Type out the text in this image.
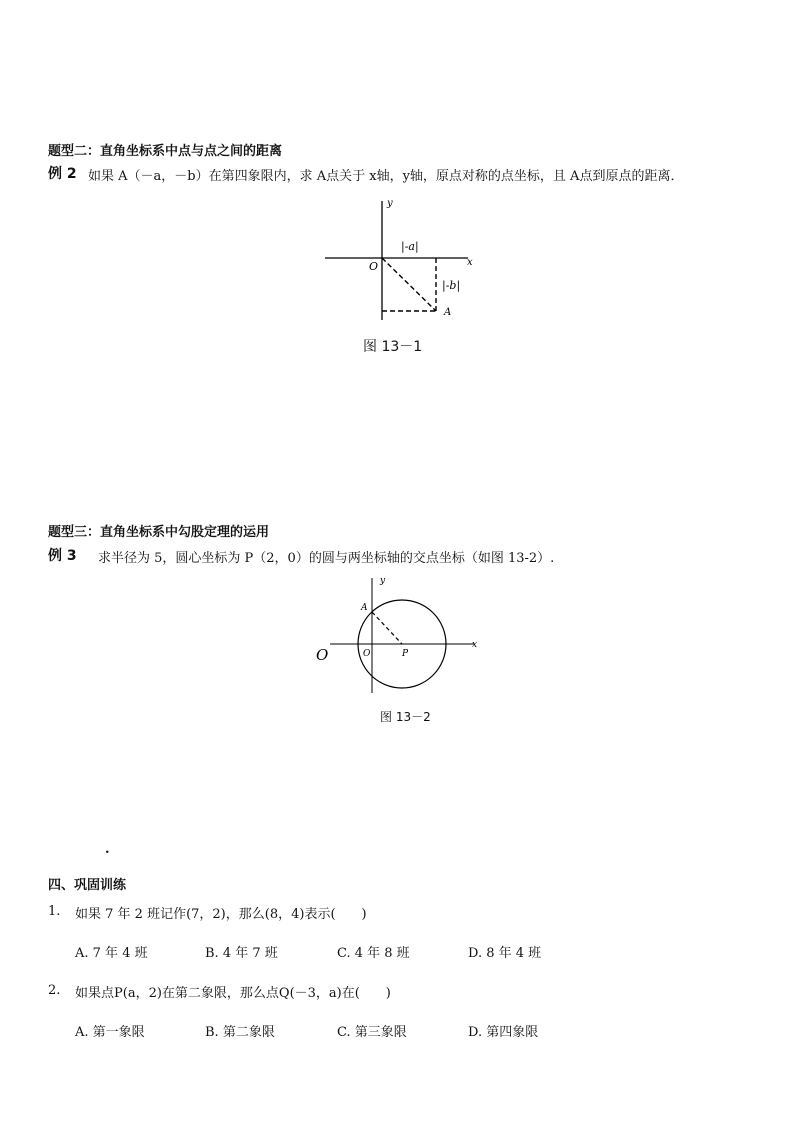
题型二：直角坐标系中点与点之间的距离
例 2 如果 A（－a，－b）在第四象限内，求 A点关于 x轴，y轴，原点对称的点坐标，且 A点到原点的距离．
y
x
O
|-a|
|-b|
A
图 13－1
题型三：直角坐标系中勾股定理的运用
例 3 求半径为 5，圆心坐标为 P（2，0）的圆与两坐标轴的交点坐标（如图 13-2）.
y
x
A
O	P
O
图 13－2
.
四、巩固训练
1. 如果 7 年 2 班记作(7，2)，那么(8，4)表示(　　)
A. 7 年 4 班	B. 4 年 7 班	C. 4 年 8 班	D. 8 年 4 班
2. 如果点P(a，2)在第二象限，那么点Q(－3，a)在(　　)
A. 第一象限	B. 第二象限	C. 第三象限	D. 第四象限
